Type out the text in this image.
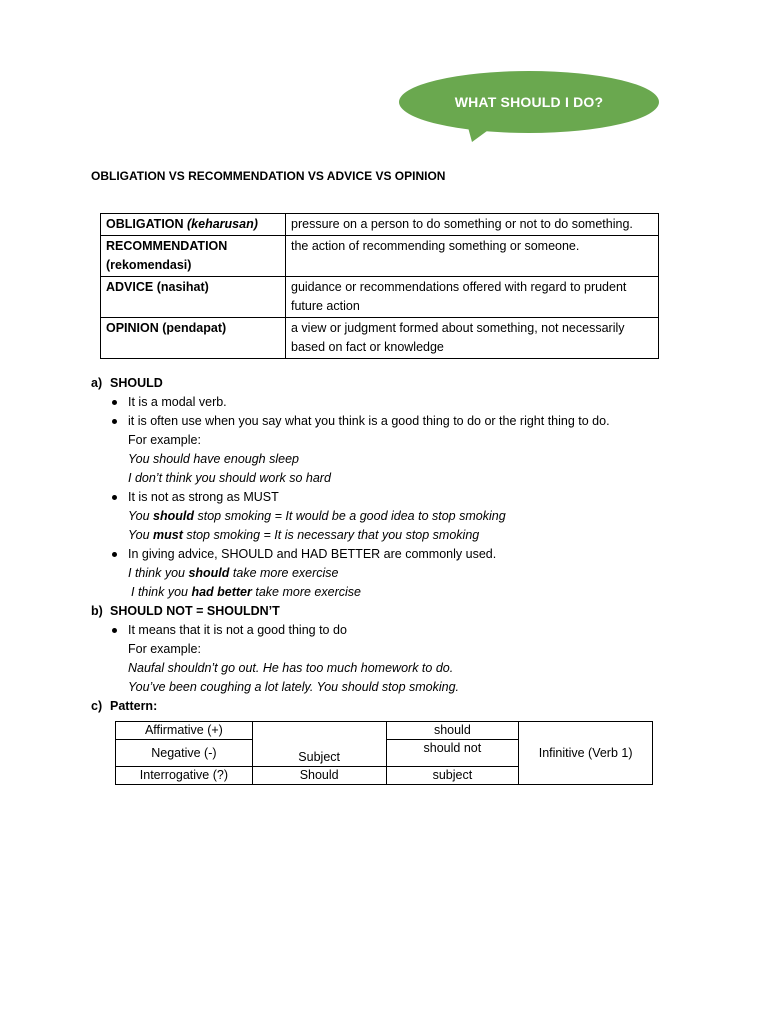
WHAT SHOULD I DO?
OBLIGATION VS RECOMMENDATION VS ADVICE VS OPINION
OBLIGATION (keharusan)	pressure on a person to do something or not to do something.
RECOMMENDATION (rekomendasi)	the action of recommending something or someone.
ADVICE (nasihat)	guidance or recommendations offered with regard to prudent future action
OPINION (pendapat)	a view or judgment formed about something, not necessarily based on fact or knowledge
a) SHOULD
It is a modal verb.
it is often use when you say what you think is a good thing to do or the right thing to do.
For example:
You should have enough sleep
I don’t think you should work so hard
It is not as strong as MUST
You should stop smoking = It would be a good idea to stop smoking
You must stop smoking = It is necessary that you stop smoking
In giving advice, SHOULD and HAD BETTER are commonly used.
I think you should take more exercise
I think you had better take more exercise
b) SHOULD NOT = SHOULDN’T
It means that it is not a good thing to do
For example:
Naufal shouldn’t go out. He has too much homework to do.
You’ve been coughing a lot lately. You should stop smoking.
c) Pattern:
Affirmative (+)	Subject	should	Infinitive (Verb 1)
Negative (-)		should not	
Interrogative (?)	Should	subject	
